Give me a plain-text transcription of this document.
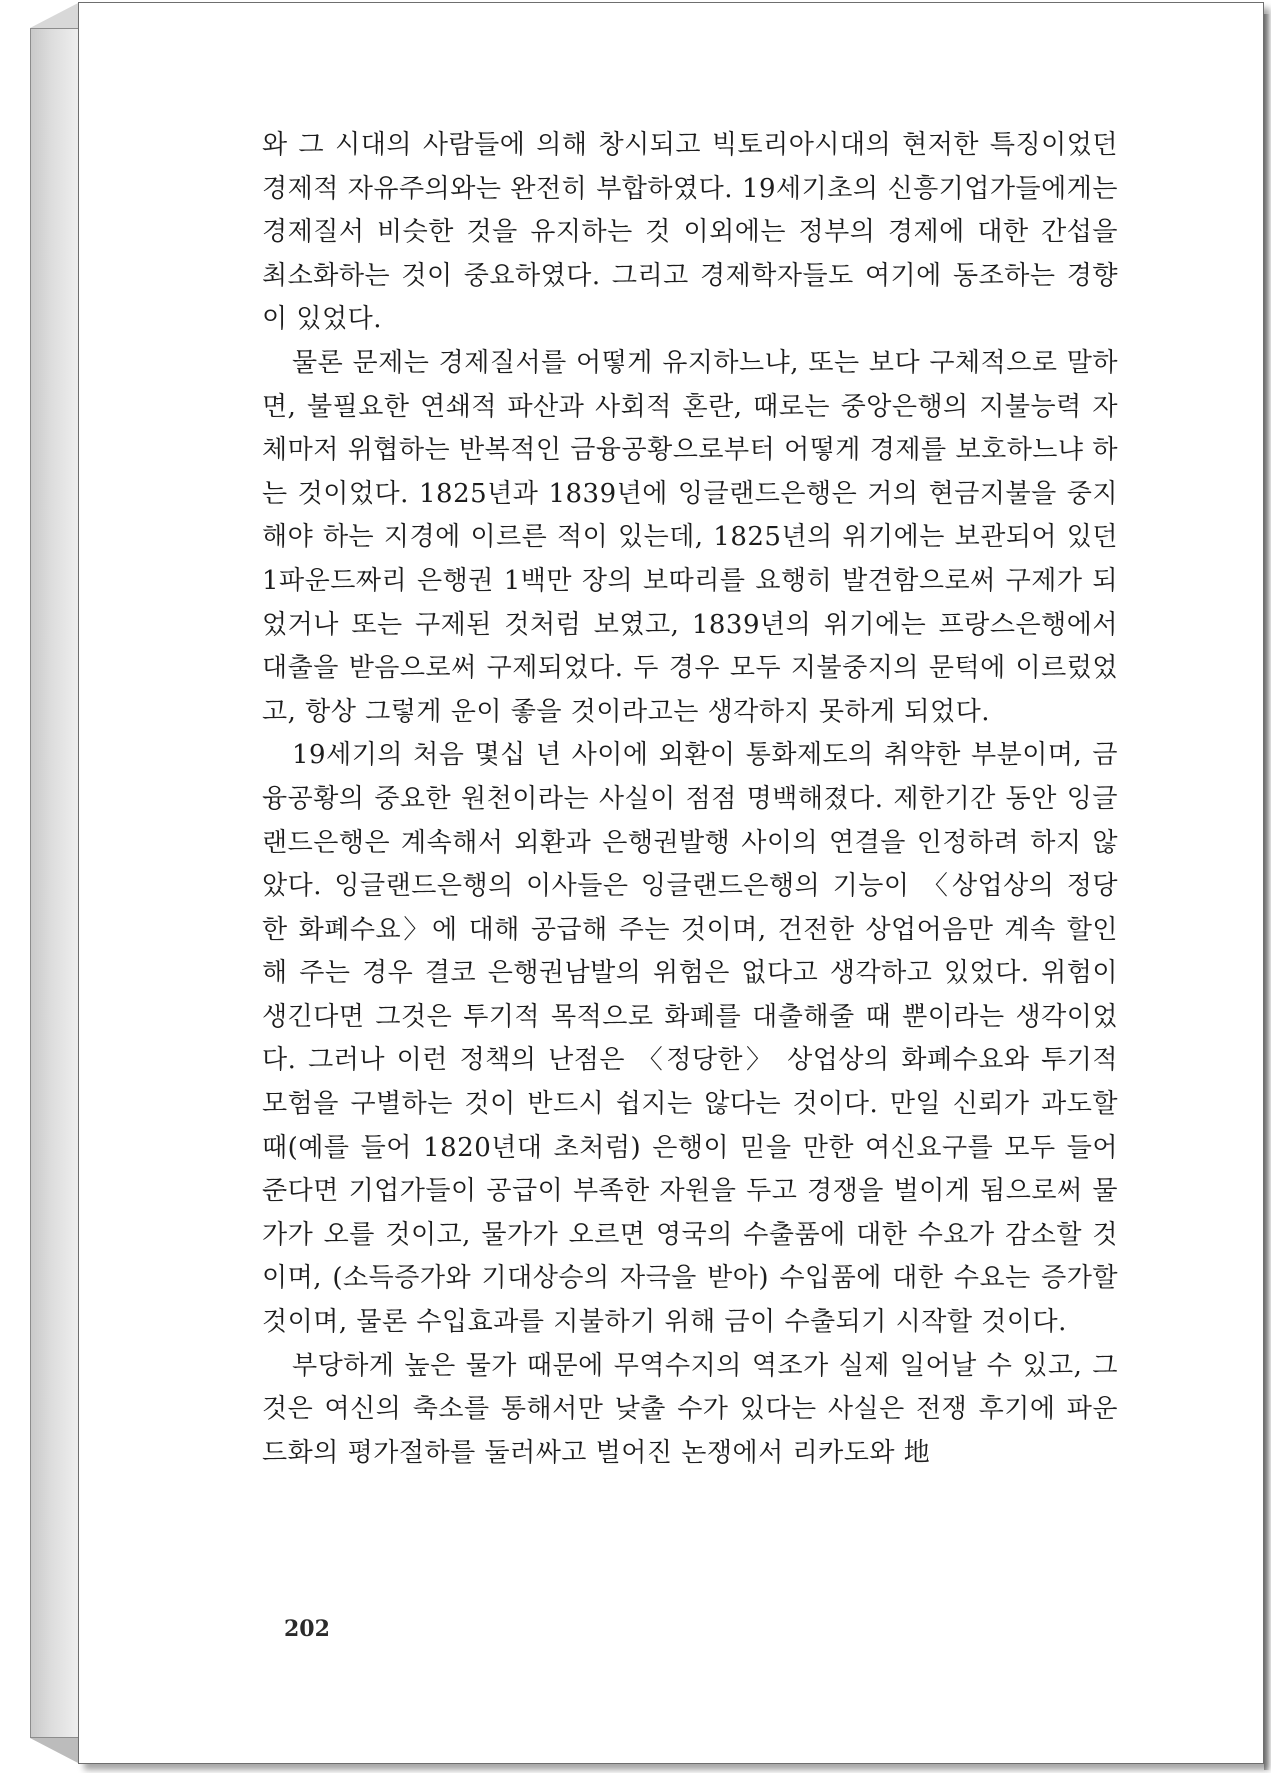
와 그 시대의 사람들에 의해 창시되고 빅토리아시대의 현저한 특징이었던 경제적 자유주의와는 완전히 부합하였다. 19세기초의 신흥기업가들에게는 경제질서 비슷한 것을 유지하는 것 이외에는 정부의 경제에 대한 간섭을 최소화하는 것이 중요하였다. 그리고 경제학자들도 여기에 동조하는 경향이 있었다.

물론 문제는 경제질서를 어떻게 유지하느냐, 또는 보다 구체적으로 말하면, 불필요한 연쇄적 파산과 사회적 혼란, 때로는 중앙은행의 지불능력 자체마저 위협하는 반복적인 금융공황으로부터 어떻게 경제를 보호하느냐 하는 것이었다. 1825년과 1839년에 잉글랜드은행은 거의 현금지불을 중지해야 하는 지경에 이르른 적이 있는데, 1825년의 위기에는 보관되어 있던 1파운드짜리 은행권 1백만 장의 보따리를 요행히 발견함으로써 구제가 되었거나 또는 구제된 것처럼 보였고, 1839년의 위기에는 프랑스은행에서 대출을 받음으로써 구제되었다. 두 경우 모두 지불중지의 문턱에 이르렀었고, 항상 그렇게 운이 좋을 것이라고는 생각하지 못하게 되었다.

19세기의 처음 몇십 년 사이에 외환이 통화제도의 취약한 부분이며, 금융공황의 중요한 원천이라는 사실이 점점 명백해졌다. 제한기간 동안 잉글랜드은행은 계속해서 외환과 은행권발행 사이의 연결을 인정하려 하지 않았다. 잉글랜드은행의 이사들은 잉글랜드은행의 기능이 〈상업상의 정당한 화폐수요〉에 대해 공급해 주는 것이며, 건전한 상업어음만 계속 할인해 주는 경우 결코 은행권남발의 위험은 없다고 생각하고 있었다. 위험이 생긴다면 그것은 투기적 목적으로 화폐를 대출해줄 때 뿐이라는 생각이었다. 그러나 이런 정책의 난점은 〈정당한〉 상업상의 화폐수요와 투기적 모험을 구별하는 것이 반드시 쉽지는 않다는 것이다. 만일 신뢰가 과도할 때(예를 들어 1820년대 초처럼) 은행이 믿을 만한 여신요구를 모두 들어 준다면 기업가들이 공급이 부족한 자원을 두고 경쟁을 벌이게 됨으로써 물가가 오를 것이고, 물가가 오르면 영국의 수출품에 대한 수요가 감소할 것이며, (소득증가와 기대상승의 자극을 받아) 수입품에 대한 수요는 증가할 것이며, 물론 수입효과를 지불하기 위해 금이 수출되기 시작할 것이다.

부당하게 높은 물가 때문에 무역수지의 역조가 실제 일어날 수 있고, 그것은 여신의 축소를 통해서만 낮출 수가 있다는 사실은 전쟁 후기에 파운드화의 평가절하를 둘러싸고 벌어진 논쟁에서 리카도와 地

202
